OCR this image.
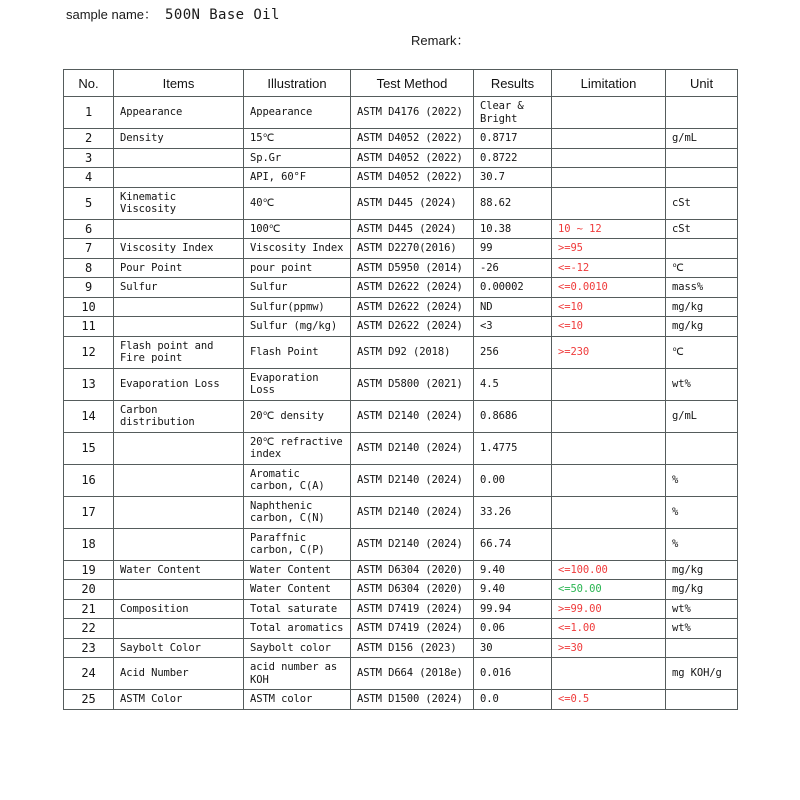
sample name： 500N Base Oil
Remark：
No.	Items	Illustration	Test Method	Results	Limitation	Unit

1	Appearance	Appearance	ASTM D4176 (2022)	Clear & Bright		

2	Density	15℃	ASTM D4052 (2022)	0.8717		g/mL

3		Sp.Gr	ASTM D4052 (2022)	0.8722		

4		API, 60°F	ASTM D4052 (2022)	30.7		

5	Kinematic Viscosity	40℃	ASTM D445 (2024)	88.62		cSt

6		100℃	ASTM D445 (2024)	10.38	10 ~ 12	cSt

7	Viscosity Index	Viscosity Index	ASTM D2270(2016)	99	>=95	

8	Pour Point	pour point	ASTM D5950 (2014)	-26	<=-12	℃

9	Sulfur	Sulfur	ASTM D2622 (2024)	0.00002	<=0.0010	mass%

10		Sulfur(ppmw)	ASTM D2622 (2024)	ND	<=10	mg/kg

11		Sulfur (mg/kg)	ASTM D2622 (2024)	<3	<=10	mg/kg

12	Flash point and Fire point	Flash Point	ASTM D92 (2018)	256	>=230	℃

13	Evaporation Loss	Evaporation Loss	ASTM D5800 (2021)	4.5		wt%

14	Carbon distribution	20℃ density	ASTM D2140 (2024)	0.8686		g/mL

15		20℃ refractive index	ASTM D2140 (2024)	1.4775		

16		Aromatic carbon, C(A)	ASTM D2140 (2024)	0.00		%

17		Naphthenic carbon, C(N)	ASTM D2140 (2024)	33.26		%

18		Paraffnic carbon, C(P)	ASTM D2140 (2024)	66.74		%

19	Water Content	Water Content	ASTM D6304 (2020)	9.40	<=100.00	mg/kg

20		Water Content	ASTM D6304 (2020)	9.40	<=50.00	mg/kg

21	Composition	Total saturate	ASTM D7419 (2024)	99.94	>=99.00	wt%

22		Total aromatics	ASTM D7419 (2024)	0.06	<=1.00	wt%

23	Saybolt Color	Saybolt color	ASTM D156 (2023)	30	>=30	

24	Acid Number	acid number as KOH	ASTM D664 (2018e)	0.016		mg KOH/g

25	ASTM Color	ASTM color	ASTM D1500 (2024)	0.0	<=0.5	
